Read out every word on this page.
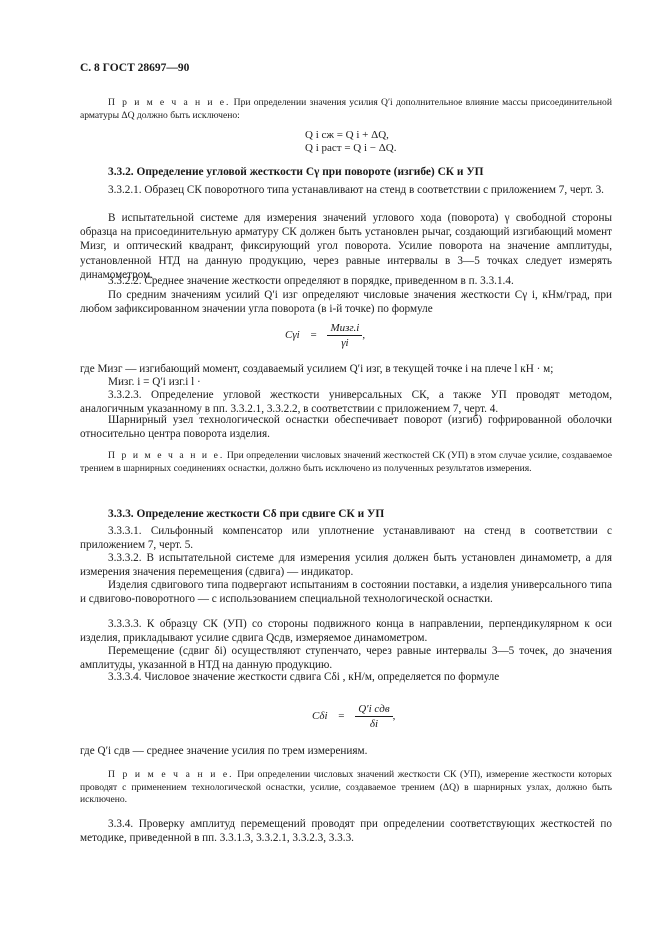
С. 8 ГОСТ 28697—90
П р и м е ч а н и е. При определении значения усилия Q′i дополнительное влияние массы присоединительной арматуры ΔQ должно быть исключено:
Q i сж = Q i + ΔQ,
Q i раст = Q i − ΔQ.
3.3.2. Определение угловой жесткости Cγ при повороте (изгибе) СК и УП
3.3.2.1. Образец СК поворотного типа устанавливают на стенд в соответствии с приложением 7, черт. 3.
В испытательной системе для измерения значений углового хода (поворота) γ свободной стороны образца на присоединительную арматуру СК должен быть установлен рычаг, создающий изгибающий момент Mизг, и оптический квадрант, фиксирующий угол поворота. Усилие поворота на значение амплитуды, установленной НТД на данную продукцию, через равные интервалы в 3—5 точках следует измерять динамометром.
3.3.2.2. Среднее значение жесткости определяют в порядке, приведенном в п. 3.3.1.4.
По средним значениям усилий Q′i изг определяют числовые значения жесткости Cγ i, кНм/град, при любом зафиксированном значении угла поворота (в i-й точке) по формуле
$C\gamma i = \frac{\text{Mизг.i}}{\gamma i}$ ,
где Mизг — изгибающий момент, создаваемый усилием Q′i изг, в текущей точке i на плече l кН · м;
Mизг. i = Q′i изг.i l ·
3.3.2.3. Определение угловой жесткости универсальных СК, а также УП проводят методом, аналогичным указанному в пп. 3.3.2.1, 3.3.2.2, в соответствии с приложением 7, черт. 4.
Шарнирный узел технологической оснастки обеспечивает поворот (изгиб) гофрированной оболочки относительно центра поворота изделия.
П р и м е ч а н и е. При определении числовых значений жесткостей СК (УП) в этом случае усилие, создаваемое трением в шарнирных соединениях оснастки, должно быть исключено из полученных результатов измерения.
3.3.3. Определение жесткости Cδ при сдвиге СК и УП
3.3.3.1. Сильфонный компенсатор или уплотнение устанавливают на стенд в соответствии с приложением 7, черт. 5.
3.3.3.2. В испытательной системе для измерения усилия должен быть установлен динамометр, а для измерения значения перемещения (сдвига) — индикатор.
Изделия сдвигового типа подвергают испытаниям в состоянии поставки, а изделия универсального типа и сдвигово-поворотного — с использованием специальной технологической оснастки.
3.3.3.3. К образцу СК (УП) со стороны подвижного конца в направлении, перпендикулярном к оси изделия, прикладывают усилие сдвига Qсдв, измеряемое динамометром.
Перемещение (сдвиг δi) осуществляют ступенчато, через равные интервалы 3—5 точек, до значения амплитуды, указанной в НТД на данную продукцию.
3.3.3.4. Числовое значение жесткости сдвига Cδi , кН/м, определяется по формуле
$C\delta i = \frac{\text{Q′i сдв}}{\delta i}$ ,
где Q′i сдв — среднее значение усилия по трем измерениям.
П р и м е ч а н и е. При определении числовых значений жесткости СК (УП), измерение жесткости которых проводят с применением технологической оснастки, усилие, создаваемое трением (ΔQ) в шарнирных узлах, должно быть исключено.
3.3.4. Проверку амплитуд перемещений проводят при определении соответствующих жесткостей по методике, приведенной в пп. 3.3.1.3, 3.3.2.1, 3.3.2.3, 3.3.3.
